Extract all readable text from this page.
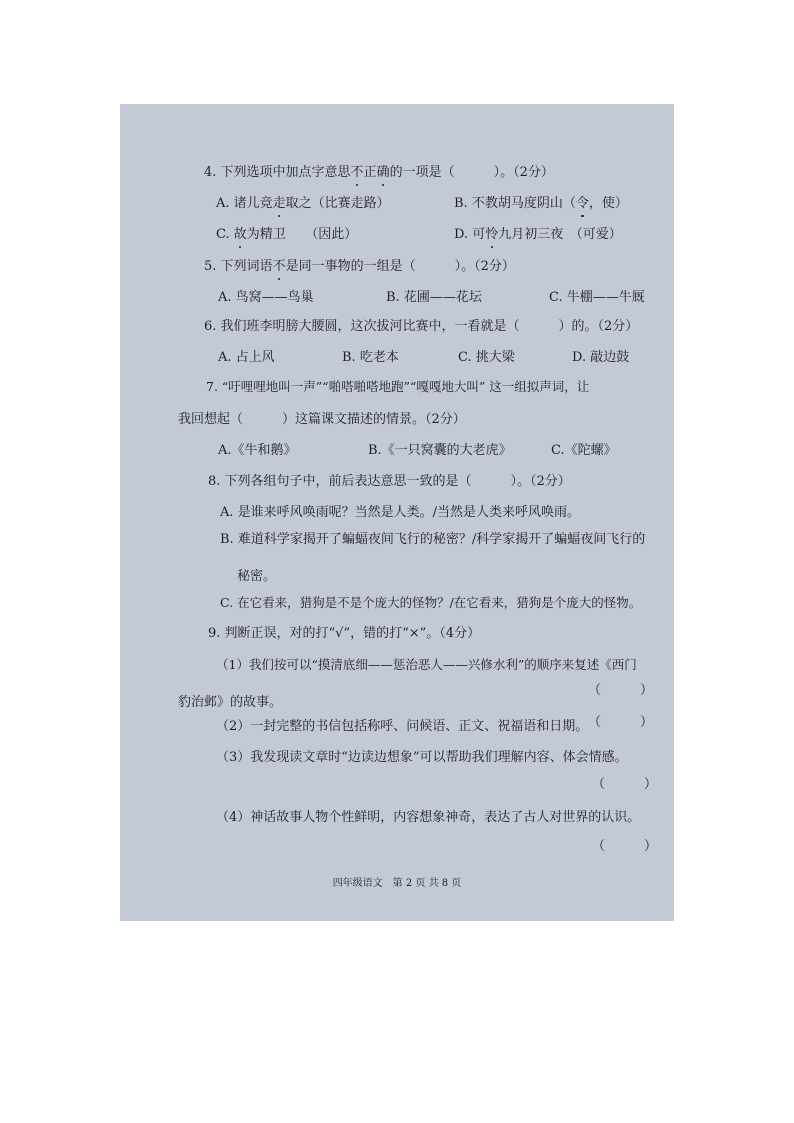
4. 下列选项中加点字意思不正确的一项是（　　　）。（2分）
A. 诸儿竞走取之（比赛走路）	B. 不教胡马度阴山（令，使）
C. 故为精卫　　（因此）	D. 可怜九月初三夜　（可爱）
5. 下列词语不是同一事物的一组是（　　　）。（2分）
A. 鸟窝——鸟巢	B. 花圃——花坛	C. 牛棚——牛厩
6. 我们班李明膀大腰圆，这次拔河比赛中，一看就是（　　　）的。（2分）
A. 占上风	B. 吃老本	C. 挑大梁	D. 敲边鼓
7. “吁哩哩地叫一声”“啪嗒啪嗒地跑”“嘎嘎地大叫” 这一组拟声词，让
我回想起（　　　）这篇课文描述的情景。（2分）
A.《牛和鹅》	B.《一只窝囊的大老虎》	C.《陀螺》
8. 下列各组句子中，前后表达意思一致的是（　　　）。（2分）
A. 是谁来呼风唤雨呢？当然是人类。/当然是人类来呼风唤雨。
B. 难道科学家揭开了蝙蝠夜间飞行的秘密？/科学家揭开了蝙蝠夜间飞行的
秘密。
C. 在它看来，猎狗是不是个庞大的怪物？/在它看来，猎狗是个庞大的怪物。
9. 判断正误，对的打“√”，错的打“×”。（4分）
（1）我们按可以“摸清底细——惩治恶人——兴修水利”的顺序来复述《西门
（　　　）
豹治邺》的故事。
（2）一封完整的书信包括称呼、问候语、正文、祝福语和日期。 （　　　）
（3）我发现读文章时“边读边想象”可以帮助我们理解内容、体会情感。
（　　　）
（4）神话故事人物个性鲜明，内容想象神奇，表达了古人对世界的认识。
（　　　）
四年级语文　第 2 页 共 8 页
